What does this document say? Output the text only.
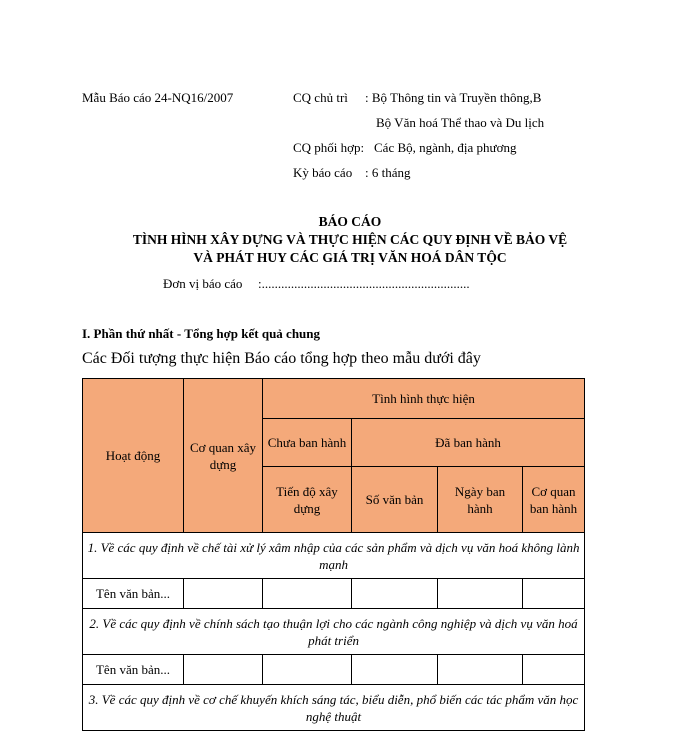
Mẫu Báo cáo 24-NQ16/2007	CQ chủ trì : Bộ Thông tin và Truyền thông,B
Bộ Văn hoá Thể thao và Du lịch
CQ phối hợp: Các Bộ, ngành, địa phương
Kỳ báo cáo : 6 tháng
BÁO CÁO
TÌNH HÌNH XÂY DỰNG VÀ THỰC HIỆN CÁC QUY ĐỊNH VỀ BẢO VỆ
VÀ PHÁT HUY CÁC GIÁ TRỊ VĂN HOÁ DÂN TỘC
Đơn vị báo cáo :................................................................
I. Phần thứ nhất - Tổng hợp kết quả chung
Các Đối tượng thực hiện Báo cáo tổng hợp theo mẫu dưới đây
Hoạt động	Cơ quan xây dựng	Tình hình thực hiện			
		Chưa ban hành	Đã ban hành		
		Tiến độ xây dựng	Số văn bản	Ngày ban hành	Cơ quan ban hành
1. Về các quy định về chế tài xử lý xâm nhập của các sản phẩm và dịch vụ văn hoá không lành mạnh					
Tên văn bản...					
2. Về các quy định về chính sách tạo thuận lợi cho các ngành công nghiệp và dịch vụ văn hoá phát triển					
Tên văn bản...					
3. Về các quy định về cơ chế khuyến khích sáng tác, biểu diễn, phổ biến các tác phẩm văn học nghệ thuật					
